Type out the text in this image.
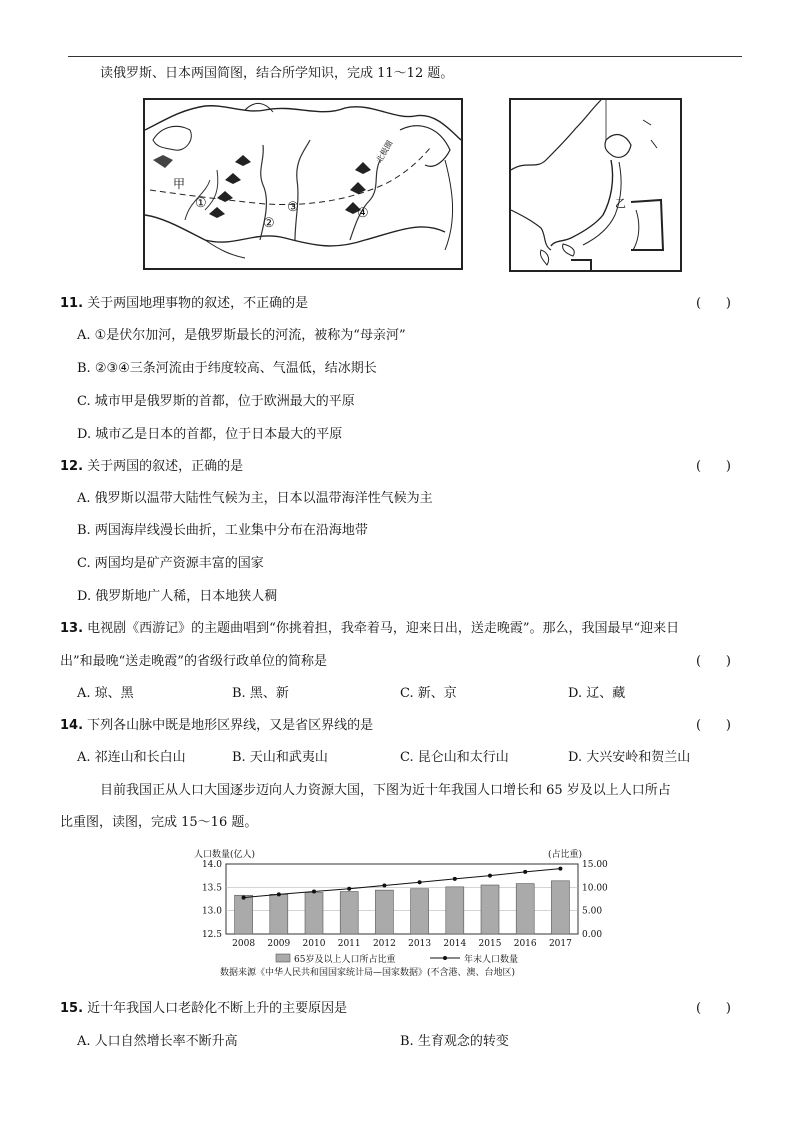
读俄罗斯、日本两国简图，结合所学知识，完成 11～12 题。
甲
①
②
③	④
北极圈
乙
11. 关于两国地理事物的叙述，不正确的是	(      )
A. ①是伏尔加河，是俄罗斯最长的河流，被称为“母亲河”
B. ②③④三条河流由于纬度较高、气温低，结冰期长
C. 城市甲是俄罗斯的首都，位于欧洲最大的平原
D. 城市乙是日本的首都，位于日本最大的平原
12. 关于两国的叙述，正确的是	(      )
A. 俄罗斯以温带大陆性气候为主，日本以温带海洋性气候为主
B. 两国海岸线漫长曲折，工业集中分布在沿海地带
C. 两国均是矿产资源丰富的国家
D. 俄罗斯地广人稀，日本地狭人稠
13. 电视剧《西游记》的主题曲唱到“你挑着担，我牵着马，迎来日出，送走晚霞”。那么，我国最早“迎来日
出”和最晚“送走晚霞”的省级行政单位的简称是	(      )
A. 琼、黑	B. 黑、新	C. 新、京	D. 辽、藏
14. 下列各山脉中既是地形区界线，又是省区界线的是	(      )
A. 祁连山和长白山	B. 天山和武夷山	C. 昆仑山和太行山	D. 大兴安岭和贺兰山
目前我国正从人口大国逐步迈向人力资源大国，下图为近十年我国人口增长和 65 岁及以上人口所占
比重图，读图，完成 15～16 题。
人口数量(亿人)	(占比重)
14.0
13.5
13.0
12.5
15.00
10.00
5.00
0.00
2008 2009 2010 2011 2012 2013 2014 2015 2016 2017
65岁及以上人口所占比重	年末人口数量
数据来源《中华人民共和国国家统计局—国家数据》(不含港、澳、台地区)
15. 近十年我国人口老龄化不断上升的主要原因是	(      )
A. 人口自然增长率不断升高	B. 生育观念的转变
